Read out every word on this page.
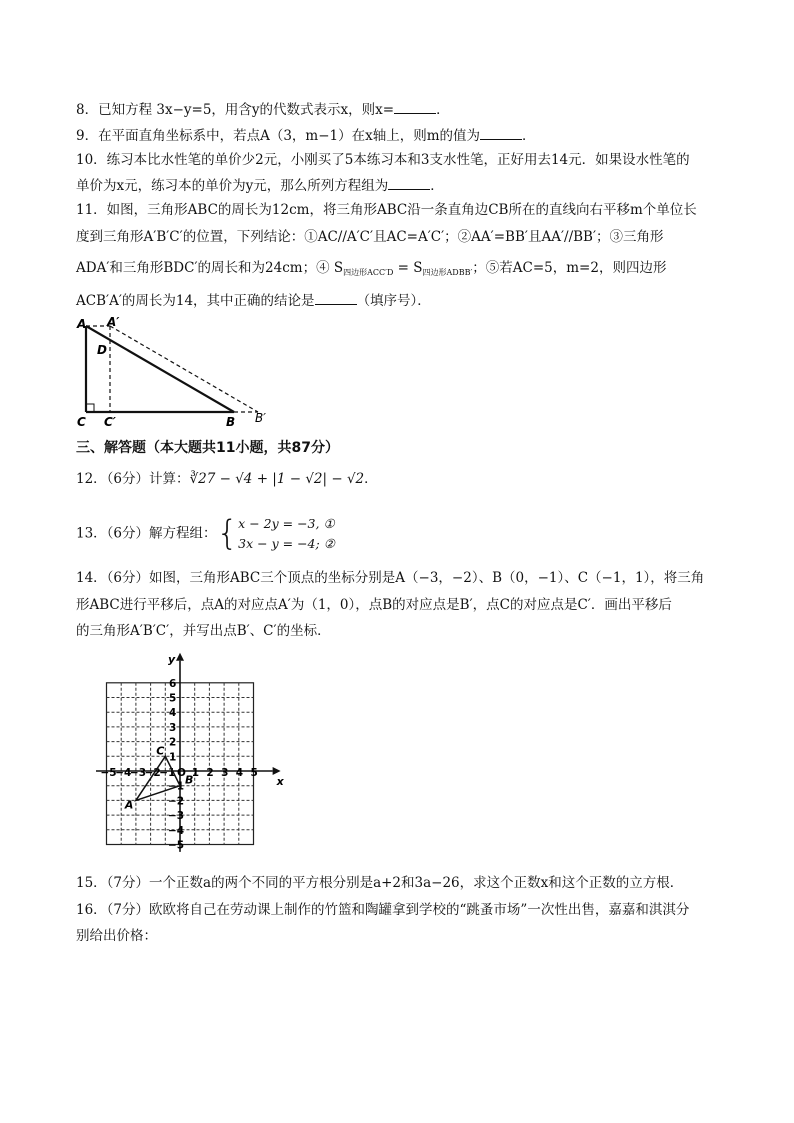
8．已知方程 3x−y=5，用含y的代数式表示x，则x=	．
9．在平面直角坐标系中，若点A（3，m−1）在x轴上，则m的值为	．
10．练习本比水性笔的单价少2元，小刚买了5本练习本和3支水性笔，正好用去14元．如果设水性笔的
单价为x元，练习本的单价为y元，那么所列方程组为	．
11．如图，三角形ABC的周长为12cm，将三角形ABC沿一条直角边CB所在的直线向右平移m个单位长
度到三角形A′B′C′的位置，下列结论：①AC//A′C′且AC=A′C′；②AA′=BB′且AA′//BB′；③三角形
ADA′和三角形BDC′的周长和为24cm；④ $S_{四边形ACC'D} = S_{四边形ADBB'}$；⑤若AC=5，m=2，则四边形
ACB′A′的周长为14，其中正确的结论是	（填序号）．
A A′
D
C C′	B B′
三、解答题（本大题共11小题，共87分）
12．（6分）计算：∛27 − √4 + |1 − √2| − √2．
13．（6分）解方程组：{x − 2y = −3, ①
3x − y = −4; ②
14．（6分）如图，三角形ABC三个顶点的坐标分别是A（−3，−2）、B（0，−1）、C（−1，1），将三角
形ABC进行平移后，点A的对应点A′为（1，0），点B的对应点是B′，点C的对应点是C′．画出平移后
的三角形A′B′C′，并写出点B′、C′的坐标．
x
y
−5
−4
−3
−2
−1 O 1 2 3 4 5
1
2
3
4
5
6
−1
−2
−3
−4
−5
A
B
C
15．（7分）一个正数a的两个不同的平方根分别是a+2和3a−26，求这个正数x和这个正数的立方根．
16．（7分）欧欧将自己在劳动课上制作的竹篮和陶罐拿到学校的“跳蚤市场”一次性出售，嘉嘉和淇淇分
别给出价格：
